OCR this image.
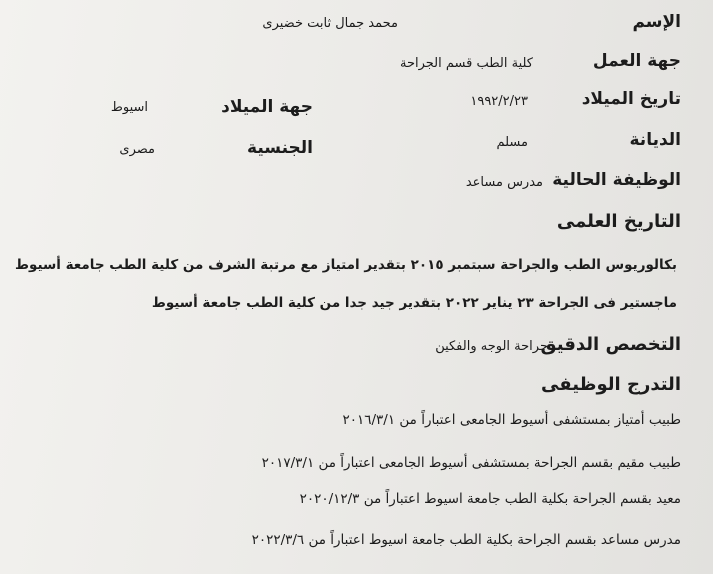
الإسم
محمد جمال ثابت خضيرى
جهة العمل
كلية الطب قسم الجراحة
تاريخ الميلاد
١٩٩٢/٢/٢٣
جهة الميلاد
اسيوط
الديانة
مسلم
الجنسية
مصرى
الوظيفة الحالية
مدرس مساعد
التاريخ العلمى
بكالوريوس الطب والجراحة سبتمبر ٢٠١٥ بتقدير امتياز مع مرتبة الشرف من كلية الطب جامعة أسيوط
ماجستير فى الجراحة ٢٣ يناير ٢٠٢٢ بتقدير جيد جدا من كلية الطب جامعة أسيوط
التخصص الدقيق
جراحة الوجه والفكين
التدرج الوظيفى
طبيب أمتياز بمستشفى أسيوط الجامعى اعتباراً من ٢٠١٦/٣/١
طبيب مقيم بقسم الجراحة بمستشفى أسيوط الجامعى اعتباراً من ٢٠١٧/٣/١
معيد بقسم الجراحة بكلية الطب جامعة اسيوط اعتباراً من ٢٠٢٠/١٢/٣
مدرس مساعد بقسم الجراحة بكلية الطب جامعة اسيوط اعتباراً من ٢٠٢٢/٣/٦
